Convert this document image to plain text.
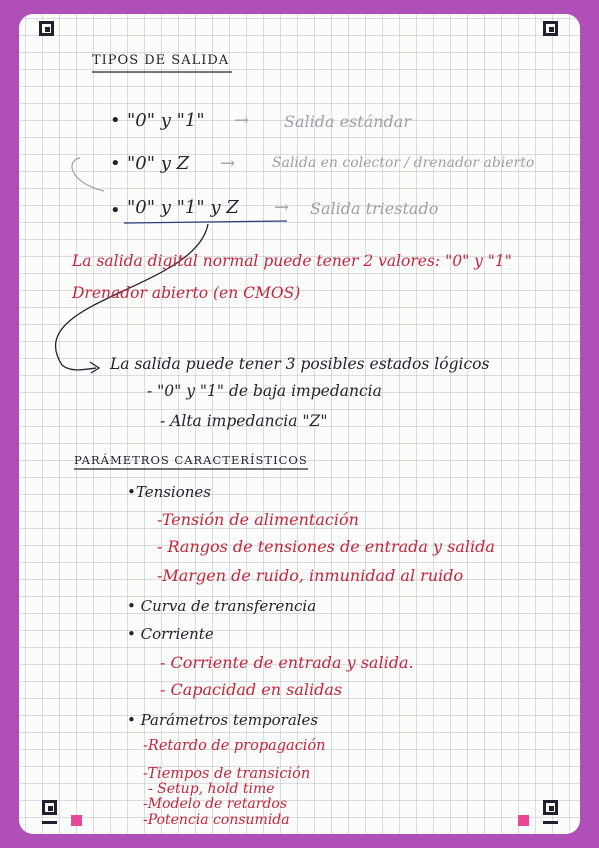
TIPOS DE SALIDA
• "0" y "1" → Salida estándar
• "0" y Z →	Salida en colector / drenador abierto
• "0" y "1" y Z → Salida triestado
La salida digital normal puede tener 2 valores: "0" y "1"
Drenador abierto (en CMOS)
La salida puede tener 3 posibles estados lógicos
- "0" y "1" de baja impedancia
- Alta impedancia "Z"
PARÁMETROS CARACTERÍSTICOS
•Tensiones
-Tensión de alimentación
- Rangos de tensiones de entrada y salida
-Margen de ruido, inmunidad al ruido
• Curva de transferencia
• Corriente
- Corriente de entrada y salida.
- Capacidad en salidas
• Parámetros temporales
-Retardo de propagación
-Tiempos de transición
- Setup, hold time
-Modelo de retardos
-Potencia consumida
